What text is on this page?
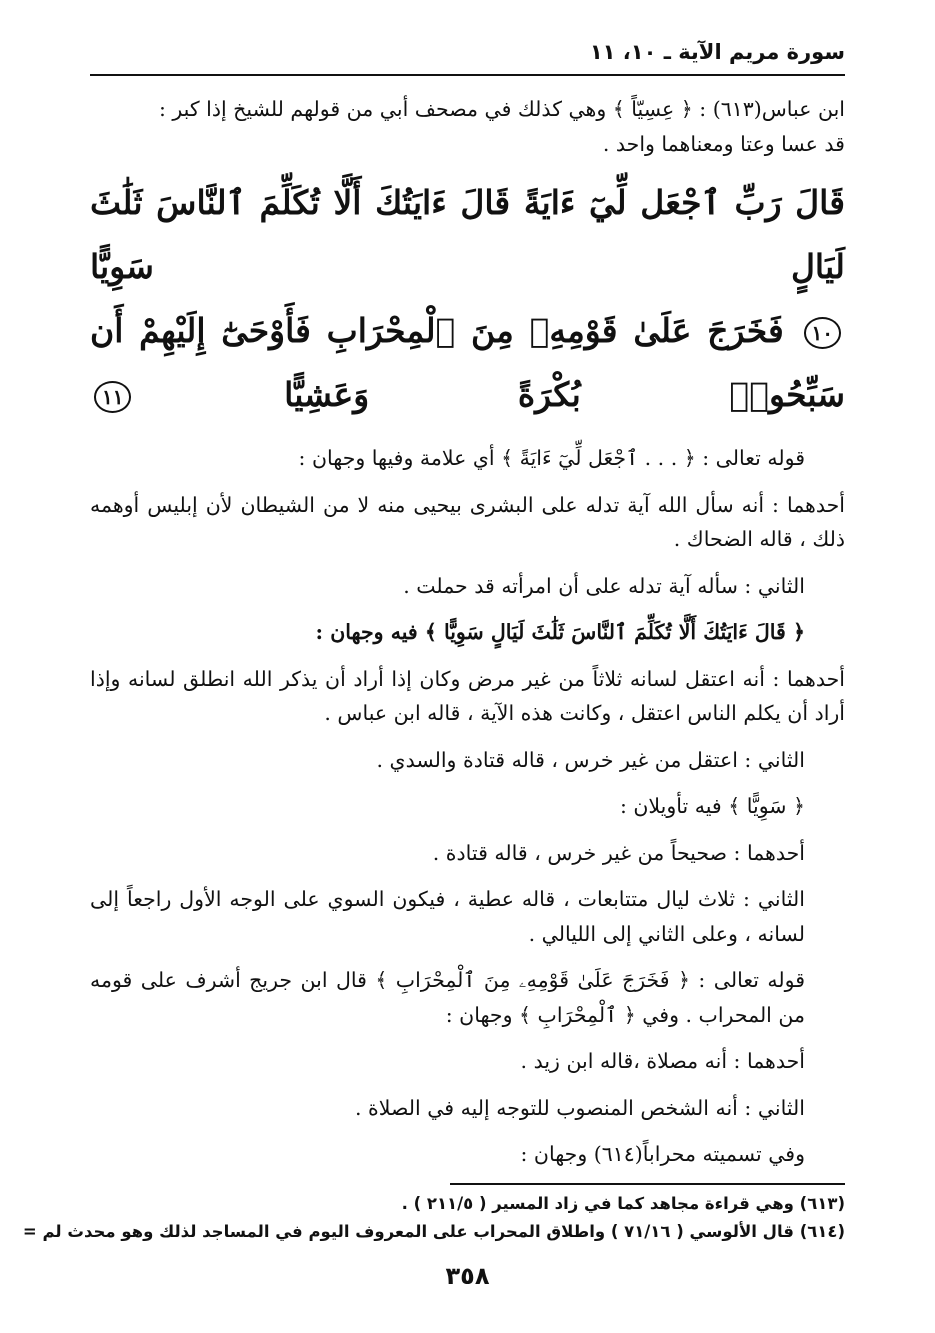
سورة مريم الآية ـ ١٠، ١١

ابن عباس(٦١٣) : ﴿ عِسِيّاً ﴾ وهي كذلك في مصحف أبي من قولهم للشيخ إذا كبر :

قد عسا وعتا ومعناهما واحد .

قَالَ رَبِّ ٱجْعَل لِّيٓ ءَايَةً قَالَ ءَايَتُكَ أَلَّا تُكَلِّمَ ٱلنَّاسَ ثَلَٰثَ لَيَالٍ سَوِيًّا
١٠ فَخَرَجَ عَلَىٰ قَوْمِهِۦ مِنَ ٱلْمِحْرَابِ فَأَوْحَىٰٓ إِلَيْهِمْ أَن سَبِّحُوا۟ بُكْرَةً وَعَشِيًّا ١١

قوله تعالى : ﴿ . . . ٱجْعَل لِّيٓ ءَايَةً ﴾ أي علامة وفيها وجهان :

أحدهما : أنه سأل الله آية تدله على البشرى بيحيى منه لا من الشيطان لأن إبليس أوهمه ذلك ، قاله الضحاك .

الثاني : سأله آية تدله على أن امرأته قد حملت .

﴿ قَالَ ءَايَتُكَ أَلَّا تُكَلِّمَ ٱلنَّاسَ ثَلَٰثَ لَيَالٍ سَوِيًّا ﴾ فيه وجهان :

أحدهما : أنه اعتقل لسانه ثلاثاً من غير مرض وكان إذا أراد أن يذكر الله انطلق لسانه وإذا أراد أن يكلم الناس اعتقل ، وكانت هذه الآية ، قاله ابن عباس .

الثاني : اعتقل من غير خرس ، قاله قتادة والسدي .

﴿ سَوِيًّا ﴾ فيه تأويلان :

أحدهما : صحيحاً من غير خرس ، قاله قتادة .

الثاني : ثلاث ليال متتابعات ، قاله عطية ، فيكون السوي على الوجه الأول راجعاً إلى لسانه ، وعلى الثاني إلى الليالي .

قوله تعالى : ﴿ فَخَرَجَ عَلَىٰ قَوْمِهِۦ مِنَ ٱلْمِحْرَابِ ﴾ قال ابن جريج أشرف على قومه من المحراب . وفي ﴿ ٱلْمِحْرَابِ ﴾ وجهان :

أحدهما : أنه مصلاة ،قاله ابن زيد .

الثاني : أنه الشخص المنصوب للتوجه إليه في الصلاة .

وفي تسميته محراباً(٦١٤) وجهان :

(٦١٣) وهي قراءة مجاهد كما في زاد المسير ( ٢١١/٥ ) .

(٦١٤) قال الألوسي ( ٧١/١٦ ) واطلاق المحراب على المعروف اليوم في المساجد لذلك وهو محدث لم =

٣٥٨
